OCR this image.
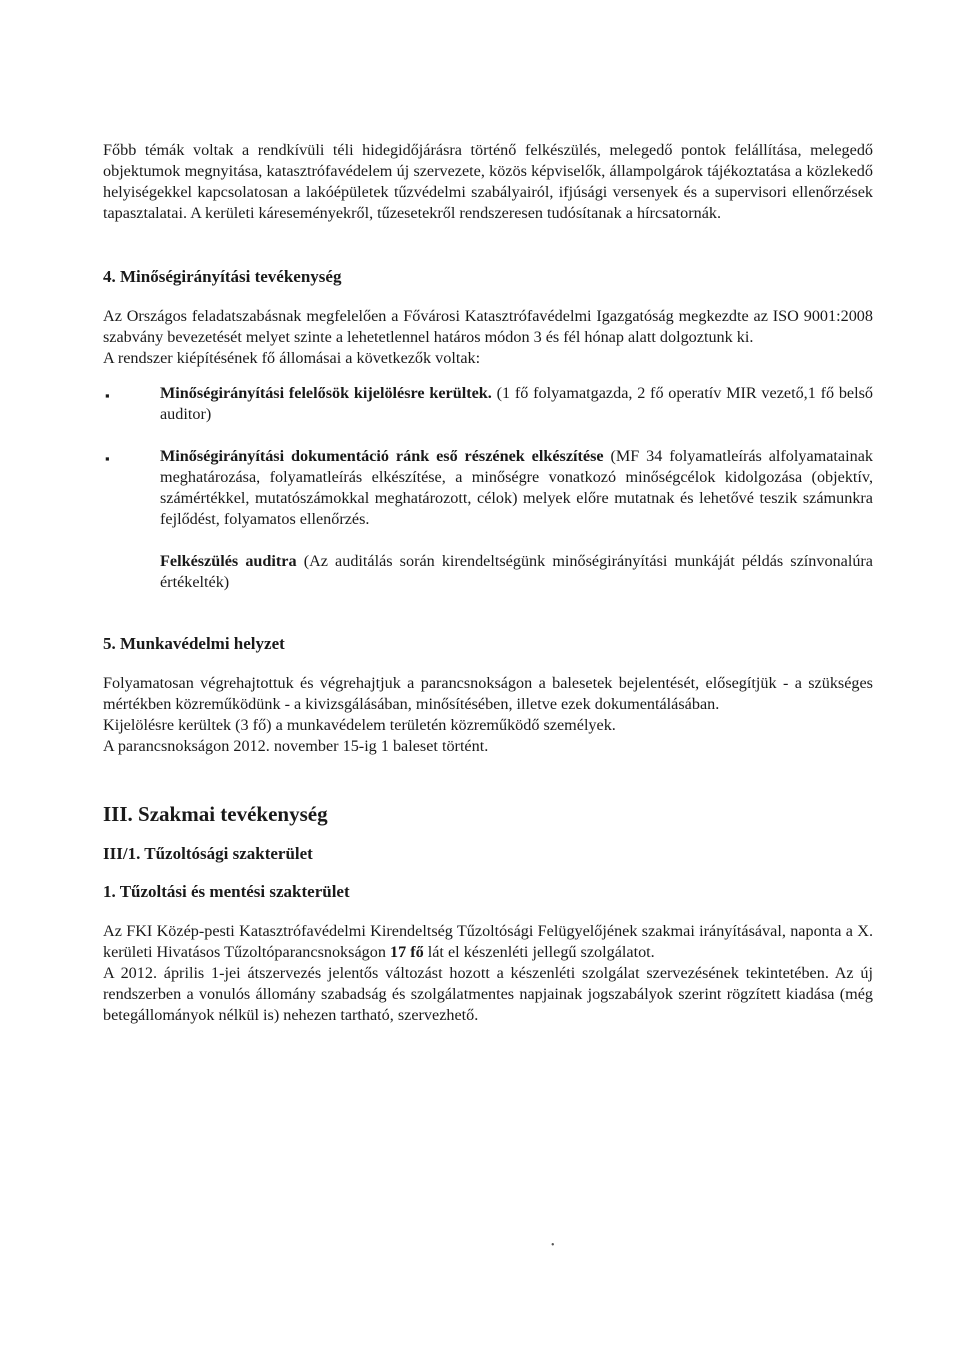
Főbb témák voltak a rendkívüli téli hidegidőjárásra történő felkészülés, melegedő pontok felállítása, melegedő objektumok megnyitása, katasztrófavédelem új szervezete, közös képviselők, állampolgárok tájékoztatása a közlekedő helyiségekkel kapcsolatosan a lakóépületek tűzvédelmi szabályairól, ifjúsági versenyek és a supervisori ellenőrzések tapasztalatai. A kerületi káreseményekről, tűzesetekről rendszeresen tudósítanak a hírcsatornák.

4. Minőségirányítási tevékenység

Az Országos feladatszabásnak megfelelően a Fővárosi Katasztrófavédelmi Igazgatóság megkezdte az ISO 9001:2008 szabvány bevezetését melyet szinte a lehetetlennel határos módon 3 és fél hónap alatt dolgoztunk ki.

A rendszer kiépítésének fő állomásai a következők voltak:

▪	Minőségirányítási felelősök kijelölésre kerültek. (1 fő folyamatgazda, 2 fő operatív MIR vezető,1 fő belső auditor)
▪	Minőségirányítási dokumentáció ránk eső részének elkészítése (MF 34 folyamatleírás alfolyamatainak meghatározása, folyamatleírás elkészítése, a minőségre vonatkozó minőségcélok kidolgozása (objektív, számértékkel, mutatószámokkal meghatározott, célok) melyek előre mutatnak és lehetővé teszik számunkra fejlődést, folyamatos ellenőrzés.
Felkészülés auditra (Az auditálás során kirendeltségünk minőségirányítási munkáját példás színvonalúra értékelték)
5. Munkavédelmi helyzet

Folyamatosan végrehajtottuk és végrehajtjuk a parancsnokságon a balesetek bejelentését, elősegítjük - a szükséges mértékben közreműködünk - a kivizsgálásában, minősítésében, illetve ezek dokumentálásában.

Kijelölésre kerültek (3 fő) a munkavédelem területén közreműködő személyek.

A parancsnokságon 2012. november 15-ig 1 baleset történt.

III. Szakmai tevékenység
III/1. Tűzoltósági szakterület
1. Tűzoltási és mentési szakterület

Az FKI Közép-pesti Katasztrófavédelmi Kirendeltség Tűzoltósági Felügyelőjének szakmai irányításával, naponta a X. kerületi Hivatásos Tűzoltóparancsnokságon 17 fő lát el készenléti jellegű szolgálatot.

A 2012. április 1-jei átszervezés jelentős változást hozott a készenléti szolgálat szervezésének tekintetében. Az új rendszerben a vonulós állomány szabadság és szolgálatmentes napjainak jogszabályok szerint rögzített kiadása (még betegállományok nélkül is) nehezen tartható, szervezhető.

•
